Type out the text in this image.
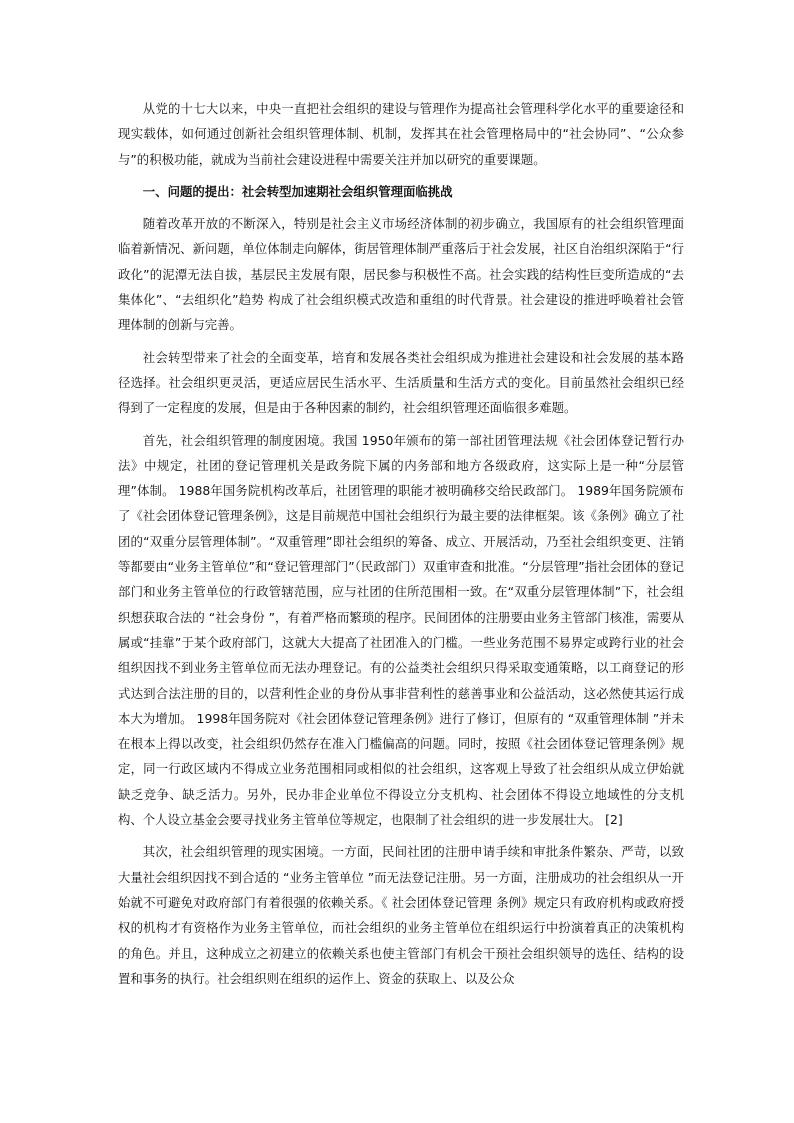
从党的十七大以来，中央一直把社会组织的建设与管理作为提高社会管理科学化水平的重要途径和现实载体，如何通过创新社会组织管理体制、机制，发挥其在社会管理格局中的“社会协同”、“公众参与”的积极功能，就成为当前社会建设进程中需要关注并加以研究的重要课题。

一、问题的提出：社会转型加速期社会组织管理面临挑战

随着改革开放的不断深入，特别是社会主义市场经济体制的初步确立，我国原有的社会组织管理面临着新情况、新问题，单位体制走向解体，街居管理体制严重落后于社会发展，社区自治组织深陷于“行政化”的泥潭无法自拔，基层民主发展有限，居民参与积极性不高。社会实践的结构性巨变所造成的“去集体化”、“去组织化”趋势 构成了社会组织模式改造和重组的时代背景。社会建设的推进呼唤着社会管理体制的创新与完善。

社会转型带来了社会的全面变革，培育和发展各类社会组织成为推进社会建设和社会发展的基本路径选择。社会组织更灵活，更适应居民生活水平、生活质量和生活方式的变化。目前虽然社会组织已经得到了一定程度的发展，但是由于各种因素的制约，社会组织管理还面临很多难题。

首先，社会组织管理的制度困境。我国 1950年颁布的第一部社团管理法规《社会团体登记暂行办法》中规定，社团的登记管理机关是政务院下属的内务部和地方各级政府，这实际上是一种“分层管理”体制。 1988年国务院机构改革后，社团管理的职能才被明确移交给民政部门。 1989年国务院颁布了《社会团体登记管理条例》，这是目前规范中国社会组织行为最主要的法律框架。该《条例》确立了社团的“双重分层管理体制”。“双重管理”即社会组织的筹备、成立、开展活动，乃至社会组织变更、注销等都要由“业务主管单位”和“登记管理部门”（民政部门）双重审查和批准。“分层管理”指社会团体的登记部门和业务主管单位的行政管辖范围，应与社团的住所范围相一致。在“双重分层管理体制”下，社会组织想获取合法的 “社会身份 ”，有着严格而繁琐的程序。民间团体的注册要由业务主管部门核准，需要从属或“挂靠”于某个政府部门，这就大大提高了社团准入的门槛。一些业务范围不易界定或跨行业的社会组织因找不到业务主管单位而无法办理登记。有的公益类社会组织只得采取变通策略，以工商登记的形式达到合法注册的目的，以营利性企业的身份从事非营利性的慈善事业和公益活动，这必然使其运行成本大为增加。 1998年国务院对《社会团体登记管理条例》进行了修订，但原有的 “双重管理体制 ”并未在根本上得以改变，社会组织仍然存在准入门槛偏高的问题。同时，按照《社会团体登记管理条例》规定，同一行政区域内不得成立业务范围相同或相似的社会组织，这客观上导致了社会组织从成立伊始就缺乏竞争、缺乏活力。另外，民办非企业单位不得设立分支机构、社会团体不得设立地域性的分支机构、个人设立基金会要寻找业务主管单位等规定，也限制了社会组织的进一步发展壮大。 [2]

其次，社会组织管理的现实困境。一方面，民间社团的注册申请手续和审批条件繁杂、严苛，以致大量社会组织因找不到合适的 “业务主管单位 ”而无法登记注册。另一方面，注册成功的社会组织从一开始就不可避免对政府部门有着很强的依赖关系。《 社会团体登记管理 条例》规定只有政府机构或政府授权的机构才有资格作为业务主管单位，而社会组织的业务主管单位在组织运行中扮演着真正的决策机构的角色。并且，这种成立之初建立的依赖关系也使主管部门有机会干预社会组织领导的选任、结构的设置和事务的执行。社会组织则在组织的运作上、资金的获取上、以及公众
